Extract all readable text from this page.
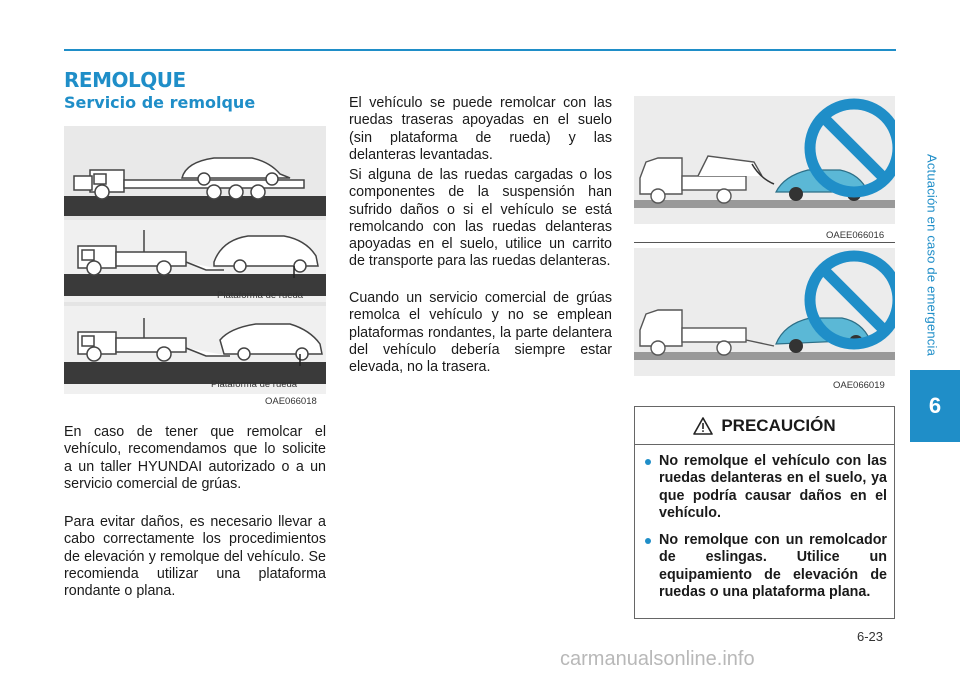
REMOLQUE
Servicio de remolque
Plataforma de rueda
Plataforma de rueda
OAE066018

En caso de tener que remolcar el vehículo, recomendamos que lo solicite a un taller HYUNDAI autorizado o a un servicio comercial de grúas.

Para evitar daños, es necesario llevar a cabo correctamente los procedimientos de elevación y remolque del vehículo. Se recomienda utilizar una plataforma rondante o plana.

El vehículo se puede remolcar con las ruedas traseras apoyadas en el suelo (sin plataforma de rueda) y las delanteras levantadas.

Si alguna de las ruedas cargadas o los componentes de la suspensión han sufrido daños o si el vehículo se está remolcando con las ruedas delanteras apoyadas en el suelo, utilice un carrito de transporte para las ruedas delanteras.

Cuando un servicio comercial de grúas remolca el vehículo y no se emplean plataformas rondantes, la parte delantera del vehículo debería siempre estar elevada, no la trasera.

OAEE066016
OAE066019
PRECAUCIÓN
No remolque el vehículo con las ruedas delanteras en el suelo, ya que podría causar daños en el vehículo.
No remolque con un remolcador de eslingas. Utilice un equipamiento de elevación de ruedas o una plataforma plana.
Actuación en caso de emergencia
6
6-23
carmanualsonline.info
